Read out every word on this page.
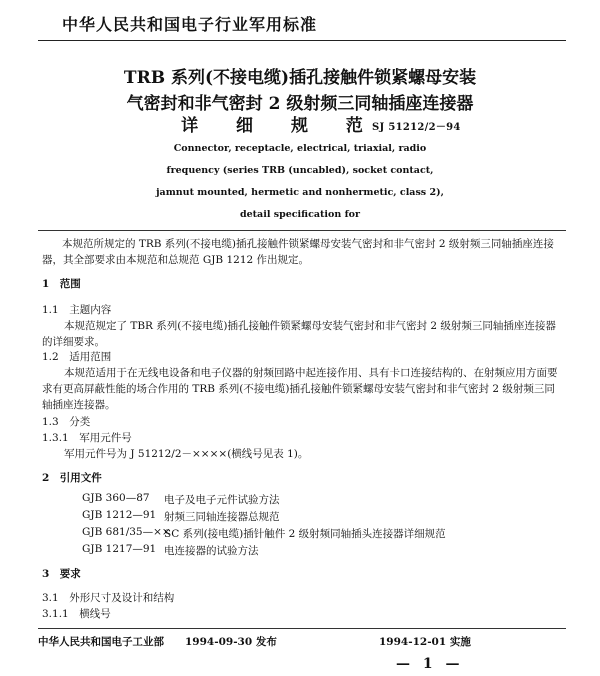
中华人民共和国电子行业军用标准
TRB 系列(不接电缆)插孔接触件锁紧螺母安装
气密封和非气密封 2 级射频三同轴插座连接器
详 细 规 范
SJ 51212/2－94
Connector, receptacle, electrical, triaxial, radio
frequency (series TRB (uncabled), socket contact,
jamnut mounted, hermetic and nonhermetic, class 2),
detail specification for
本规范所规定的 TRB 系列(不接电缆)插孔接触件锁紧螺母安装气密封和非气密封 2 级射频三同轴插座连接器，其全部要求由本规范和总规范 GJB 1212 作出规定。
1　范围
1.1　主题内容
本规范规定了 TBR 系列(不接电缆)插孔接触件锁紧螺母安装气密封和非气密封 2 级射频三同轴插座连接器的详细要求。
1.2　适用范围
本规范适用于在无线电设备和电子仪器的射频回路中起连接作用、具有卡口连接结构的、在射频应用方面要求有更高屏蔽性能的场合作用的 TRB 系列(不接电缆)插孔接触件锁紧螺母安装气密封和非气密封 2 级射频三同轴插座连接器。
1.3　分类
1.3.1　军用元件号
军用元件号为 J 51212/2－××××(横线号见表 1)。
2　引用文件
GJB 360—87 电子及电子元件试验方法
GJB 1212—91 射频三同轴连接器总规范
GJB 681/35—××
SC 系列(接电缆)插针触件 2 级射频同轴插头连接器详细规范
GJB 1217—91 电连接器的试验方法
3　要求
3.1　外形尺寸及设计和结构
3.1.1　横线号
中华人民共和国电子工业部　　1994-09-30 发布	1994-12-01 实施
— 1 —
